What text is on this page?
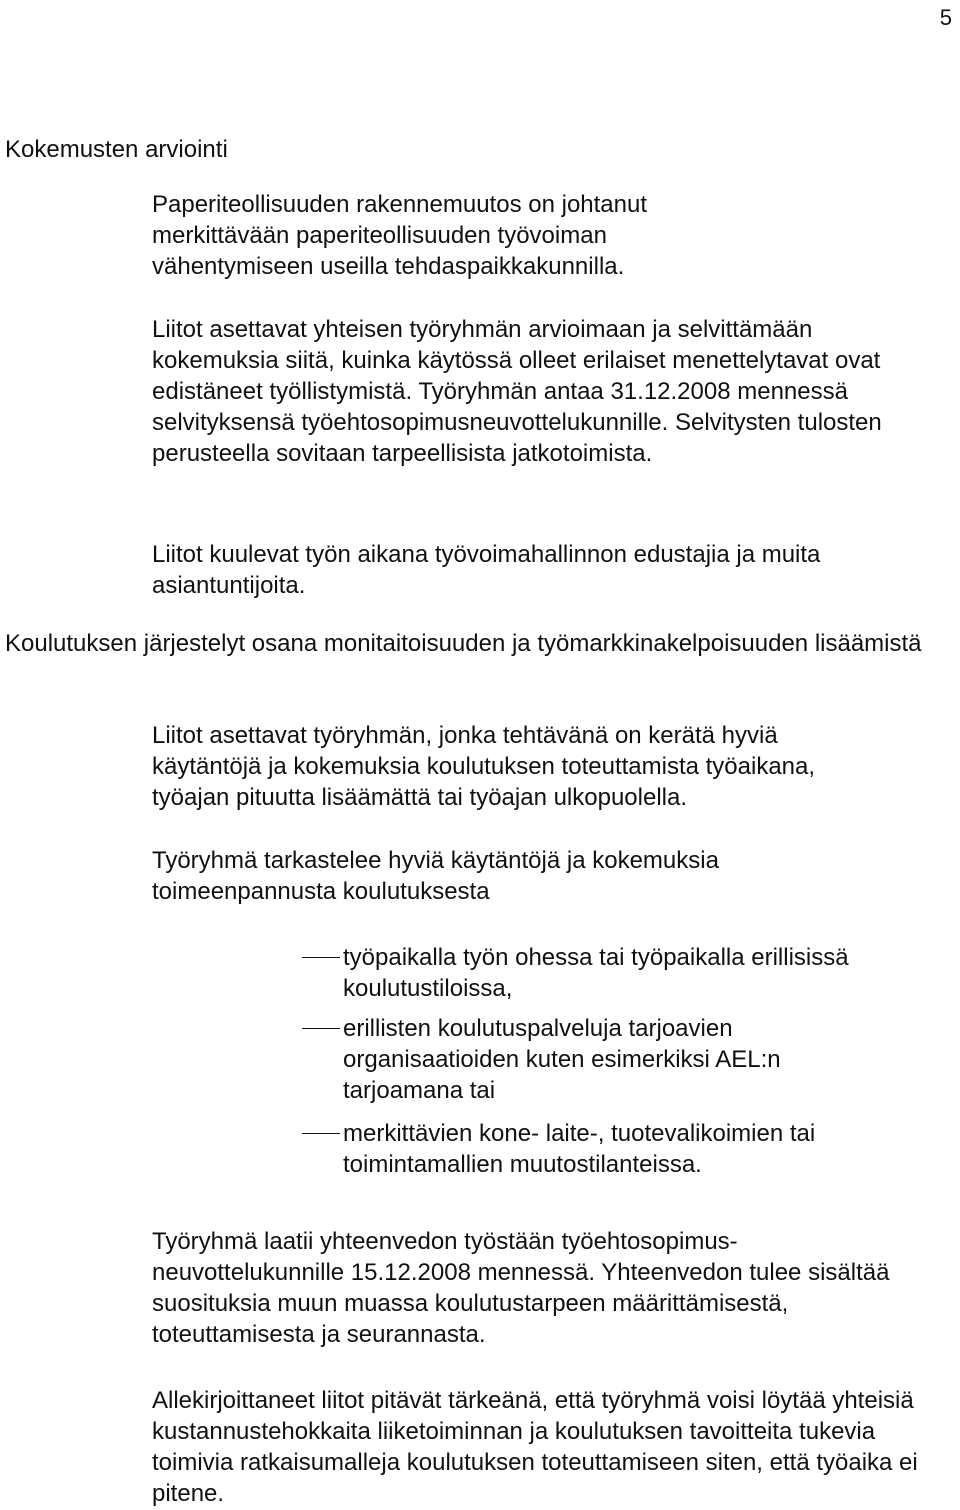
5
Kokemusten arviointi

Paperiteollisuuden rakennemuutos on johtanut merkittävään paperiteollisuuden työvoiman vähentymiseen useilla tehdaspaikkakunnilla.

Liitot asettavat yhteisen työryhmän arvioimaan ja selvittämään kokemuksia siitä, kuinka käytössä olleet erilaiset menettelytavat ovat edistäneet työllistymistä. Työryhmän antaa 31.12.2008 mennessä selvityksensä työehtosopimusneuvottelukunnille. Selvitysten tulosten perusteella sovitaan tarpeellisista jatkotoimista.

Liitot kuulevat työn aikana työvoimahallinnon edustajia ja muita asiantuntijoita.

Koulutuksen järjestelyt osana monitaitoisuuden ja työmarkkinakelpoisuuden lisäämistä

Liitot asettavat työryhmän, jonka tehtävänä on kerätä hyviä käytäntöjä ja kokemuksia koulutuksen toteuttamista työaikana, työajan pituutta lisäämättä tai työajan ulkopuolella.

Työryhmä tarkastelee hyviä käytäntöjä ja kokemuksia toimeenpannusta koulutuksesta

työpaikalla työn ohessa tai työpaikalla erillisissä koulutustiloissa,
erillisten koulutuspalveluja tarjoavien organisaatioiden kuten esimerkiksi AEL:n tarjoamana tai
merkittävien kone- laite-, tuotevalikoimien tai toimintamallien muutostilanteissa.

Työryhmä laatii yhteenvedon työstään työehtosopimus-neuvottelukunnille 15.12.2008 mennessä. Yhteenvedon tulee sisältää suosituksia muun muassa koulutustarpeen määrittämisestä, toteuttamisesta ja seurannasta.

Allekirjoittaneet liitot pitävät tärkeänä, että työryhmä voisi löytää yhteisiä kustannustehokkaita liiketoiminnan ja koulutuksen tavoitteita tukevia toimivia ratkaisumalleja koulutuksen toteuttamiseen siten, että työaika ei pitene.
